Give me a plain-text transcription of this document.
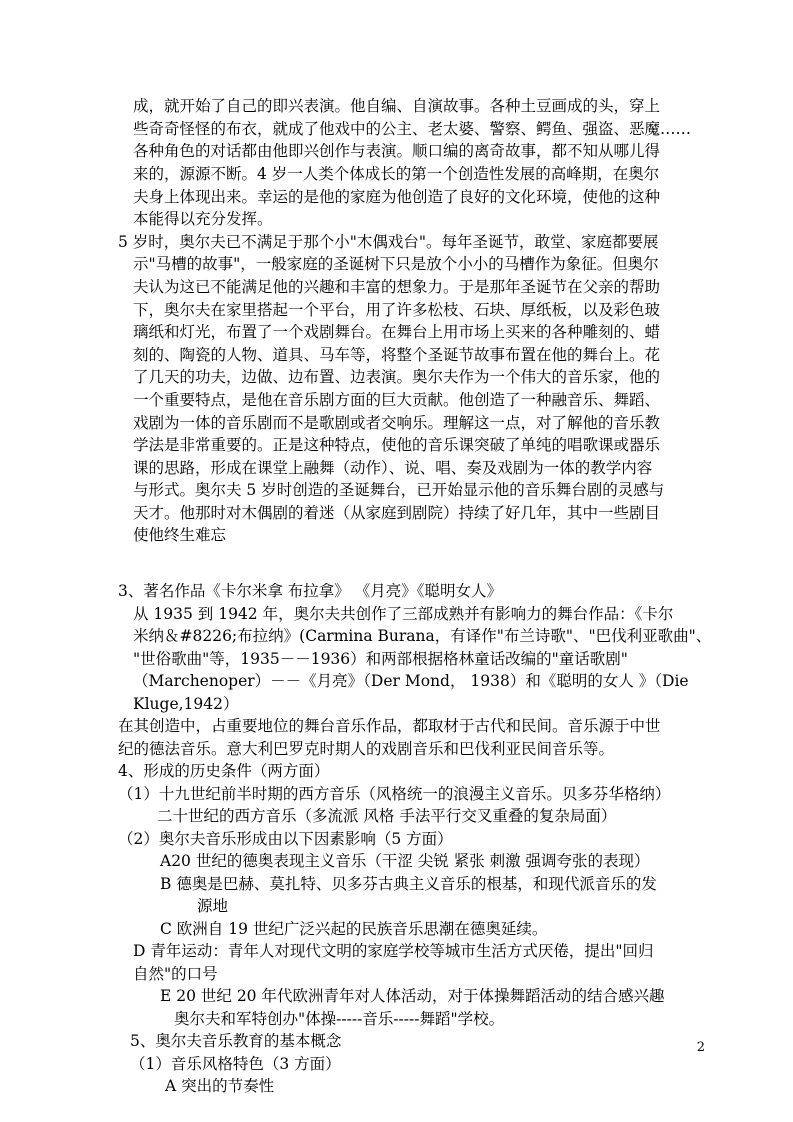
成，就开始了自己的即兴表演。他自编、自演故事。各种土豆画成的头，穿上
些奇奇怪怪的布衣，就成了他戏中的公主、老太婆、警察、鳄鱼、强盗、恶魔……
各种角色的对话都由他即兴创作与表演。顺口编的离奇故事，都不知从哪儿得
来的，源源不断。4 岁一人类个体成长的第一个创造性发展的高峰期，在奥尔
夫身上体现出来。幸运的是他的家庭为他创造了良好的文化环境，使他的这种
本能得以充分发挥。
5 岁时，奥尔夫已不满足于那个小"木偶戏台"。每年圣诞节，敢堂、家庭都要展
示"马槽的故事"，一般家庭的圣诞树下只是放个小小的马槽作为象征。但奥尔
夫认为这已不能满足他的兴趣和丰富的想象力。于是那年圣诞节在父亲的帮助
下，奥尔夫在家里搭起一个平台，用了许多松枝、石块、厚纸板，以及彩色玻
璃纸和灯光，布置了一个戏剧舞台。在舞台上用市场上买来的各种雕刻的、蜡
刻的、陶瓷的人物、道具、马车等，将整个圣诞节故事布置在他的舞台上。花
了几天的功夫，边做、边布置、边表演。奥尔夫作为一个伟大的音乐家，他的
一个重要特点，是他在音乐剧方面的巨大贡献。他创造了一种融音乐、舞蹈、
戏剧为一体的音乐剧而不是歌剧或者交响乐。理解这一点，对了解他的音乐教
学法是非常重要的。正是这种特点，使他的音乐课突破了单纯的唱歌课或器乐
课的思路，形成在课堂上融舞（动作）、说、唱、奏及戏剧为一体的教学内容
与形式。奥尔夫 5 岁时创造的圣诞舞台，已开始显示他的音乐舞台剧的灵感与
天才。他那时对木偶剧的着迷（从家庭到剧院）持续了好几年，其中一些剧目
使他终生难忘
3、著名作品《卡尔米拿 布拉拿》 《月亮》《聪明女人》
从 1935 到 1942 年，奥尔夫共创作了三部成熟并有影响力的舞台作品：《卡尔
米纳＆#8226;布拉纳》(Carmina Burana，有译作"布兰诗歌"、"巴伐利亚歌曲"、
"世俗歌曲"等，1935－－1936）和两部根据格林童话改编的"童话歌剧"
（Marchenoper）－－《月亮》（Der Mond， 1938）和《聪明的女人 》（Die
Kluge,1942）
在其创造中，占重要地位的舞台音乐作品，都取材于古代和民间。音乐源于中世
纪的德法音乐。意大利巴罗克时期人的戏剧音乐和巴伐利亚民间音乐等。
4、形成的历史条件（两方面）
（1）十九世纪前半时期的西方音乐（风格统一的浪漫主义音乐。贝多芬华格纳）
二十世纪的西方音乐（多流派 风格 手法平行交叉重叠的复杂局面）
（2）奥尔夫音乐形成由以下因素影响（5 方面）
A20 世纪的德奥表现主义音乐（干涩 尖锐 紧张 刺激 强调夸张的表现）
B 德奥是巴赫、莫扎特、贝多芬古典主义音乐的根基，和现代派音乐的发
源地
C 欧洲自 19 世纪广泛兴起的民族音乐思潮在德奥延续。
D 青年运动：青年人对现代文明的家庭学校等城市生活方式厌倦，提出"回归
自然"的口号
E 20 世纪 20 年代欧洲青年对人体活动，对于体操舞蹈活动的结合感兴趣
奥尔夫和军特创办"体操-----音乐-----舞蹈"学校。
5、奥尔夫音乐教育的基本概念
（1）音乐风格特色（3 方面）
A 突出的节奏性
2
